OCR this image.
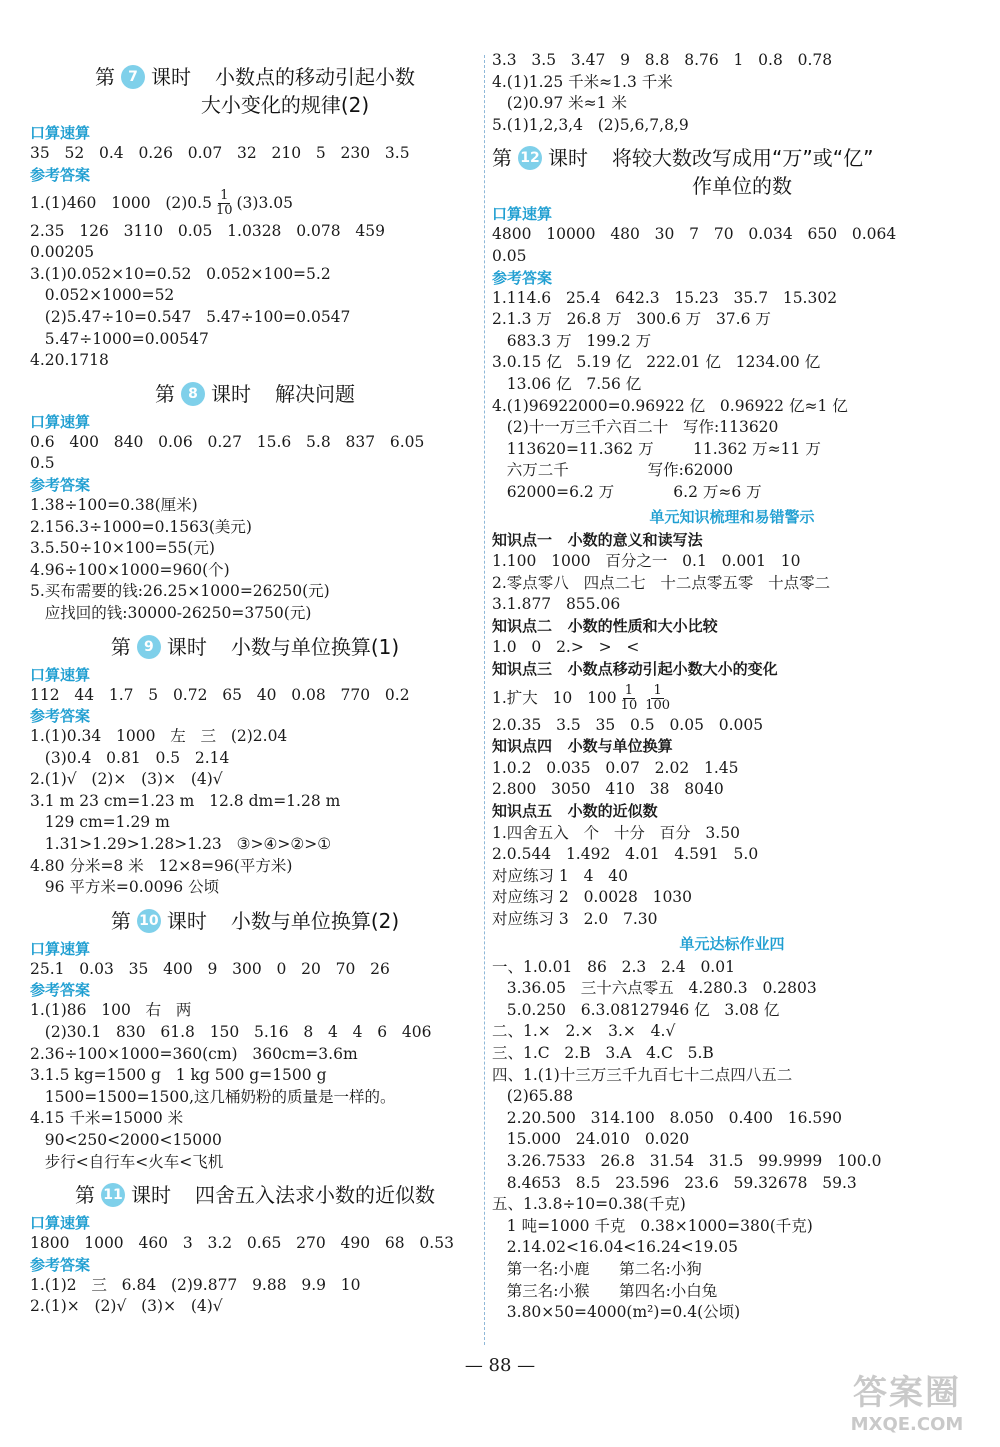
第 7 课时 小数点的移动引起小数
大小变化的规律(2)
口算速算
35   52   0.4   0.26   0.07   32   210   5   230   3.5
参考答案
1.(1)460   1000   $(2)0.5 \frac{1}{10} (3)3.05$
2.35   126   3110   0.05   1.0328   0.078   459
0.00205
3.(1)0.052×10=0.52   0.052×100=5.2
0.052×1000=52
(2)5.47÷10=0.547   5.47÷100=0.0547
5.47÷1000=0.00547
4.20.1718
第 8 课时 解决问题
口算速算
0.6   400   840   0.06   0.27   15.6   5.8   837   6.05
0.5
参考答案
1.38÷100=0.38(厘米)
2.156.3÷1000=0.1563(美元)
3.5.50÷10×100=55(元)
4.96÷100×1000=960(个)
5.买布需要的钱:26.25×1000=26250(元)
应找回的钱:30000-26250=3750(元)
第 9 课时 小数与单位换算(1)
口算速算
112   44   1.7   5   0.72   65   40   0.08   770   0.2
参考答案
1.(1)0.34   1000   左   三   (2)2.04
(3)0.4   0.81   0.5   2.14
2.(1)√   (2)×   (3)×   (4)√
3.1 m 23 cm=1.23 m   12.8 dm=1.28 m
129 cm=1.29 m
1.31>1.29>1.28>1.23   ③>④>②>①
4.80 分米=8 米   12×8=96(平方米)
96 平方米=0.0096 公顷
第 10 课时 小数与单位换算(2)
口算速算
25.1   0.03   35   400   9   300   0   20   70   26
参考答案
1.(1)86   100   右   两
(2)30.1   830   61.8   150   5.16   8   4   4   6   406
2.36÷100×1000=360(cm)   360cm=3.6m
3.1.5 kg=1500 g   1 kg 500 g=1500 g
1500=1500=1500,这几桶奶粉的质量是一样的。
4.15 千米=15000 米
90<250<2000<15000
步行<自行车<火车<飞机
第 11 课时 四舍五入法求小数的近似数
口算速算
1800   1000   460   3   3.2   0.65   270   490   68   0.53
参考答案
1.(1)2   三   6.84   (2)9.877   9.88   9.9   10
2.(1)×   (2)√   (3)×   (4)√
3.3   3.5   3.47   9   8.8   8.76   1   0.8   0.78
4.(1)1.25 千米≈1.3 千米
(2)0.97 米≈1 米
5.(1)1,2,3,4   (2)5,6,7,8,9
第 12 课时 将较大数改写成用“万”或“亿”
作单位的数
口算速算
4800   10000   480   30   7   70   0.034   650   0.064
0.05
参考答案
1.114.6   25.4   642.3   15.23   35.7   15.302
2.1.3 万   26.8 万   300.6 万   37.6 万
683.3 万   199.2 万
3.0.15 亿   5.19 亿   222.01 亿   1234.00 亿
13.06 亿   7.56 亿
4.(1)96922000=0.96922 亿   0.96922 亿≈1 亿
(2)十一万三千六百二十   写作:113620
113620=11.362 万        11.362 万≈11 万
六万二千                写作:62000
62000=6.2 万            6.2 万≈6 万
单元知识梳理和易错警示
知识点一   小数的意义和读写法
1.100   1000   百分之一   0.1   0.001   10
2.零点零八   四点二七   十二点零五零   十点零二
3.1.877   855.06
知识点二   小数的性质和大小比较
1.0   0   2.>   >   <
知识点三   小数点移动引起小数大小的变化
1.扩大   10   $100 \frac{1}{10} \frac{1}{100}$
2.0.35   3.5   35   0.5   0.05   0.005
知识点四   小数与单位换算
1.0.2   0.035   0.07   2.02   1.45
2.800   3050   410   38   8040
知识点五   小数的近似数
1.四舍五入   个   十分   百分   3.50
2.0.544   1.492   4.01   4.591   5.0
对应练习 1   4   40
对应练习 2   0.0028   1030
对应练习 3   2.0   7.30
单元达标作业四
一、1.0.01   86   2.3   2.4   0.01
3.36.05   三十六点零五   4.280.3   0.2803
5.0.250   6.3.08127946 亿   3.08 亿
二、1.×   2.×   3.×   4.√
三、1.C   2.B   3.A   4.C   5.B
四、1.(1)十三万三千九百七十二点四八五二
(2)65.88
2.20.500   314.100   8.050   0.400   16.590
15.000   24.010   0.020
3.26.7533   26.8   31.54   31.5   99.9999   100.0
8.4653   8.5   23.596   23.6   59.32678   59.3
五、1.3.8÷10=0.38(千克)
1 吨=1000 千克   0.38×1000=380(千克)
2.14.02<16.04<16.24<19.05
第一名:小鹿      第二名:小狗
第三名:小猴      第四名:小白兔
3.80×50=4000(m²)=0.4(公顷)
— 88 —
答案圈
MXQE.COM
